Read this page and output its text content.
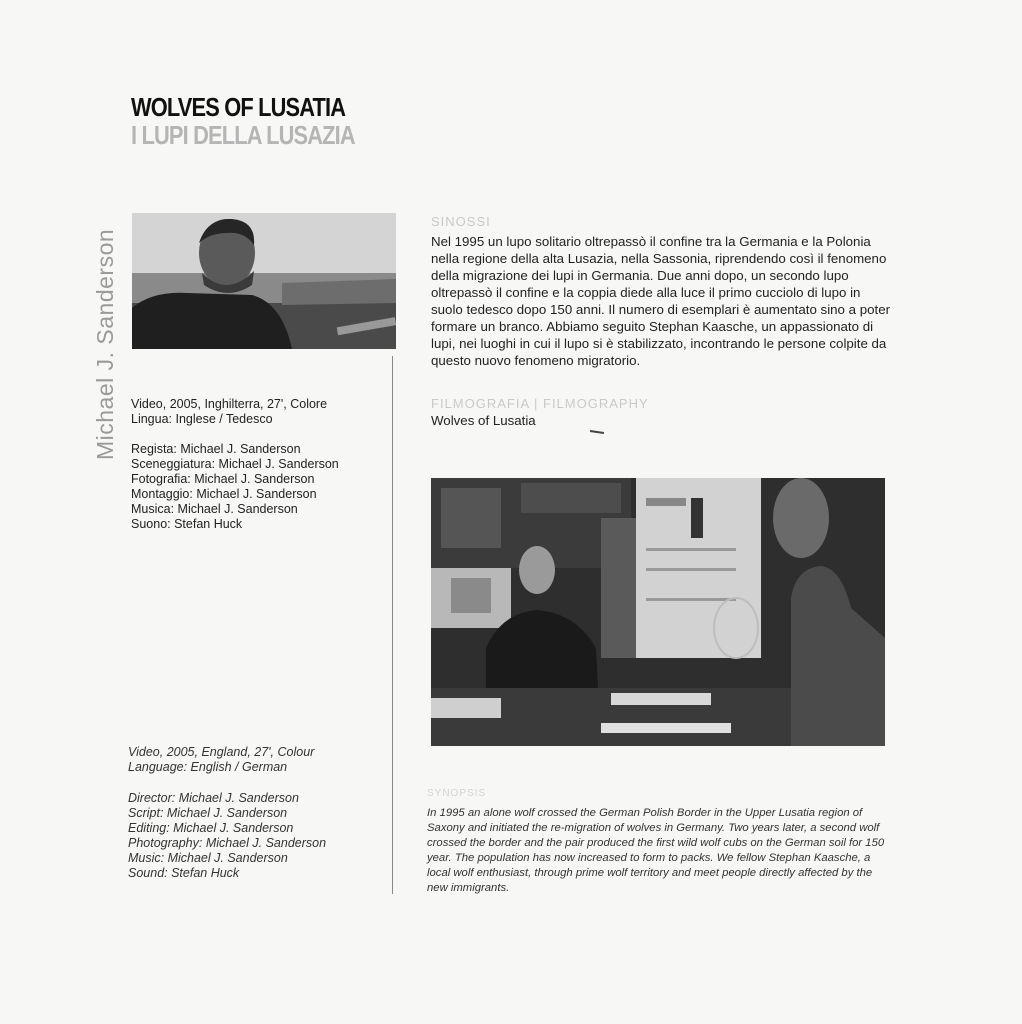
WOLVES OF LUSATIA
I LUPI DELLA LUSAZIA
Michael J. Sanderson Video, 2005, Inghilterra, 27', Colore

Lingua: Inglese / Tedesco

Regista: Michael J. Sanderson

Sceneggiatura: Michael J. Sanderson

Fotografia: Michael J. Sanderson

Montaggio: Michael J. Sanderson

Musica: Michael J. Sanderson

Suono: Stefan Huck

Video, 2005, England, 27', Colour

Language: English / German

Director: Michael J. Sanderson

Script: Michael J. Sanderson

Editing: Michael J. Sanderson

Photography: Michael J. Sanderson

Music: Michael J. Sanderson

Sound: Stefan Huck

SINOSSI
Nel 1995 un lupo solitario oltrepassò il confine tra la Germania e la Polonia nella regione della alta Lusazia, nella Sassonia, riprendendo così il fenomeno della migrazione dei lupi in Germania. Due anni dopo, un secondo lupo oltrepassò il confine e la coppia diede alla luce il primo cucciolo di lupo in suolo tedesco dopo 150 anni. Il numero di esemplari è aumentato sino a poter formare un branco. Abbiamo seguito Stephan Kaasche, un appassionato di lupi, nei luoghi in cui il lupo si è stabilizzato, incontrando le persone colpite da questo nuovo fenomeno migratorio.
FILMOGRAFIA | FILMOGRAPHY
Wolves of Lusatia
SYNOPSIS
In 1995 an alone wolf crossed the German Polish Border in the Upper Lusatia region of Saxony and initiated the re-migration of wolves in Germany. Two years later, a second wolf crossed the border and the pair produced the first wild wolf cubs on the German soil for 150 year. The population has now increased to form to packs. We fellow Stephan Kaasche, a local wolf enthusiast, through prime wolf territory and meet people directly affected by the new immigrants.
